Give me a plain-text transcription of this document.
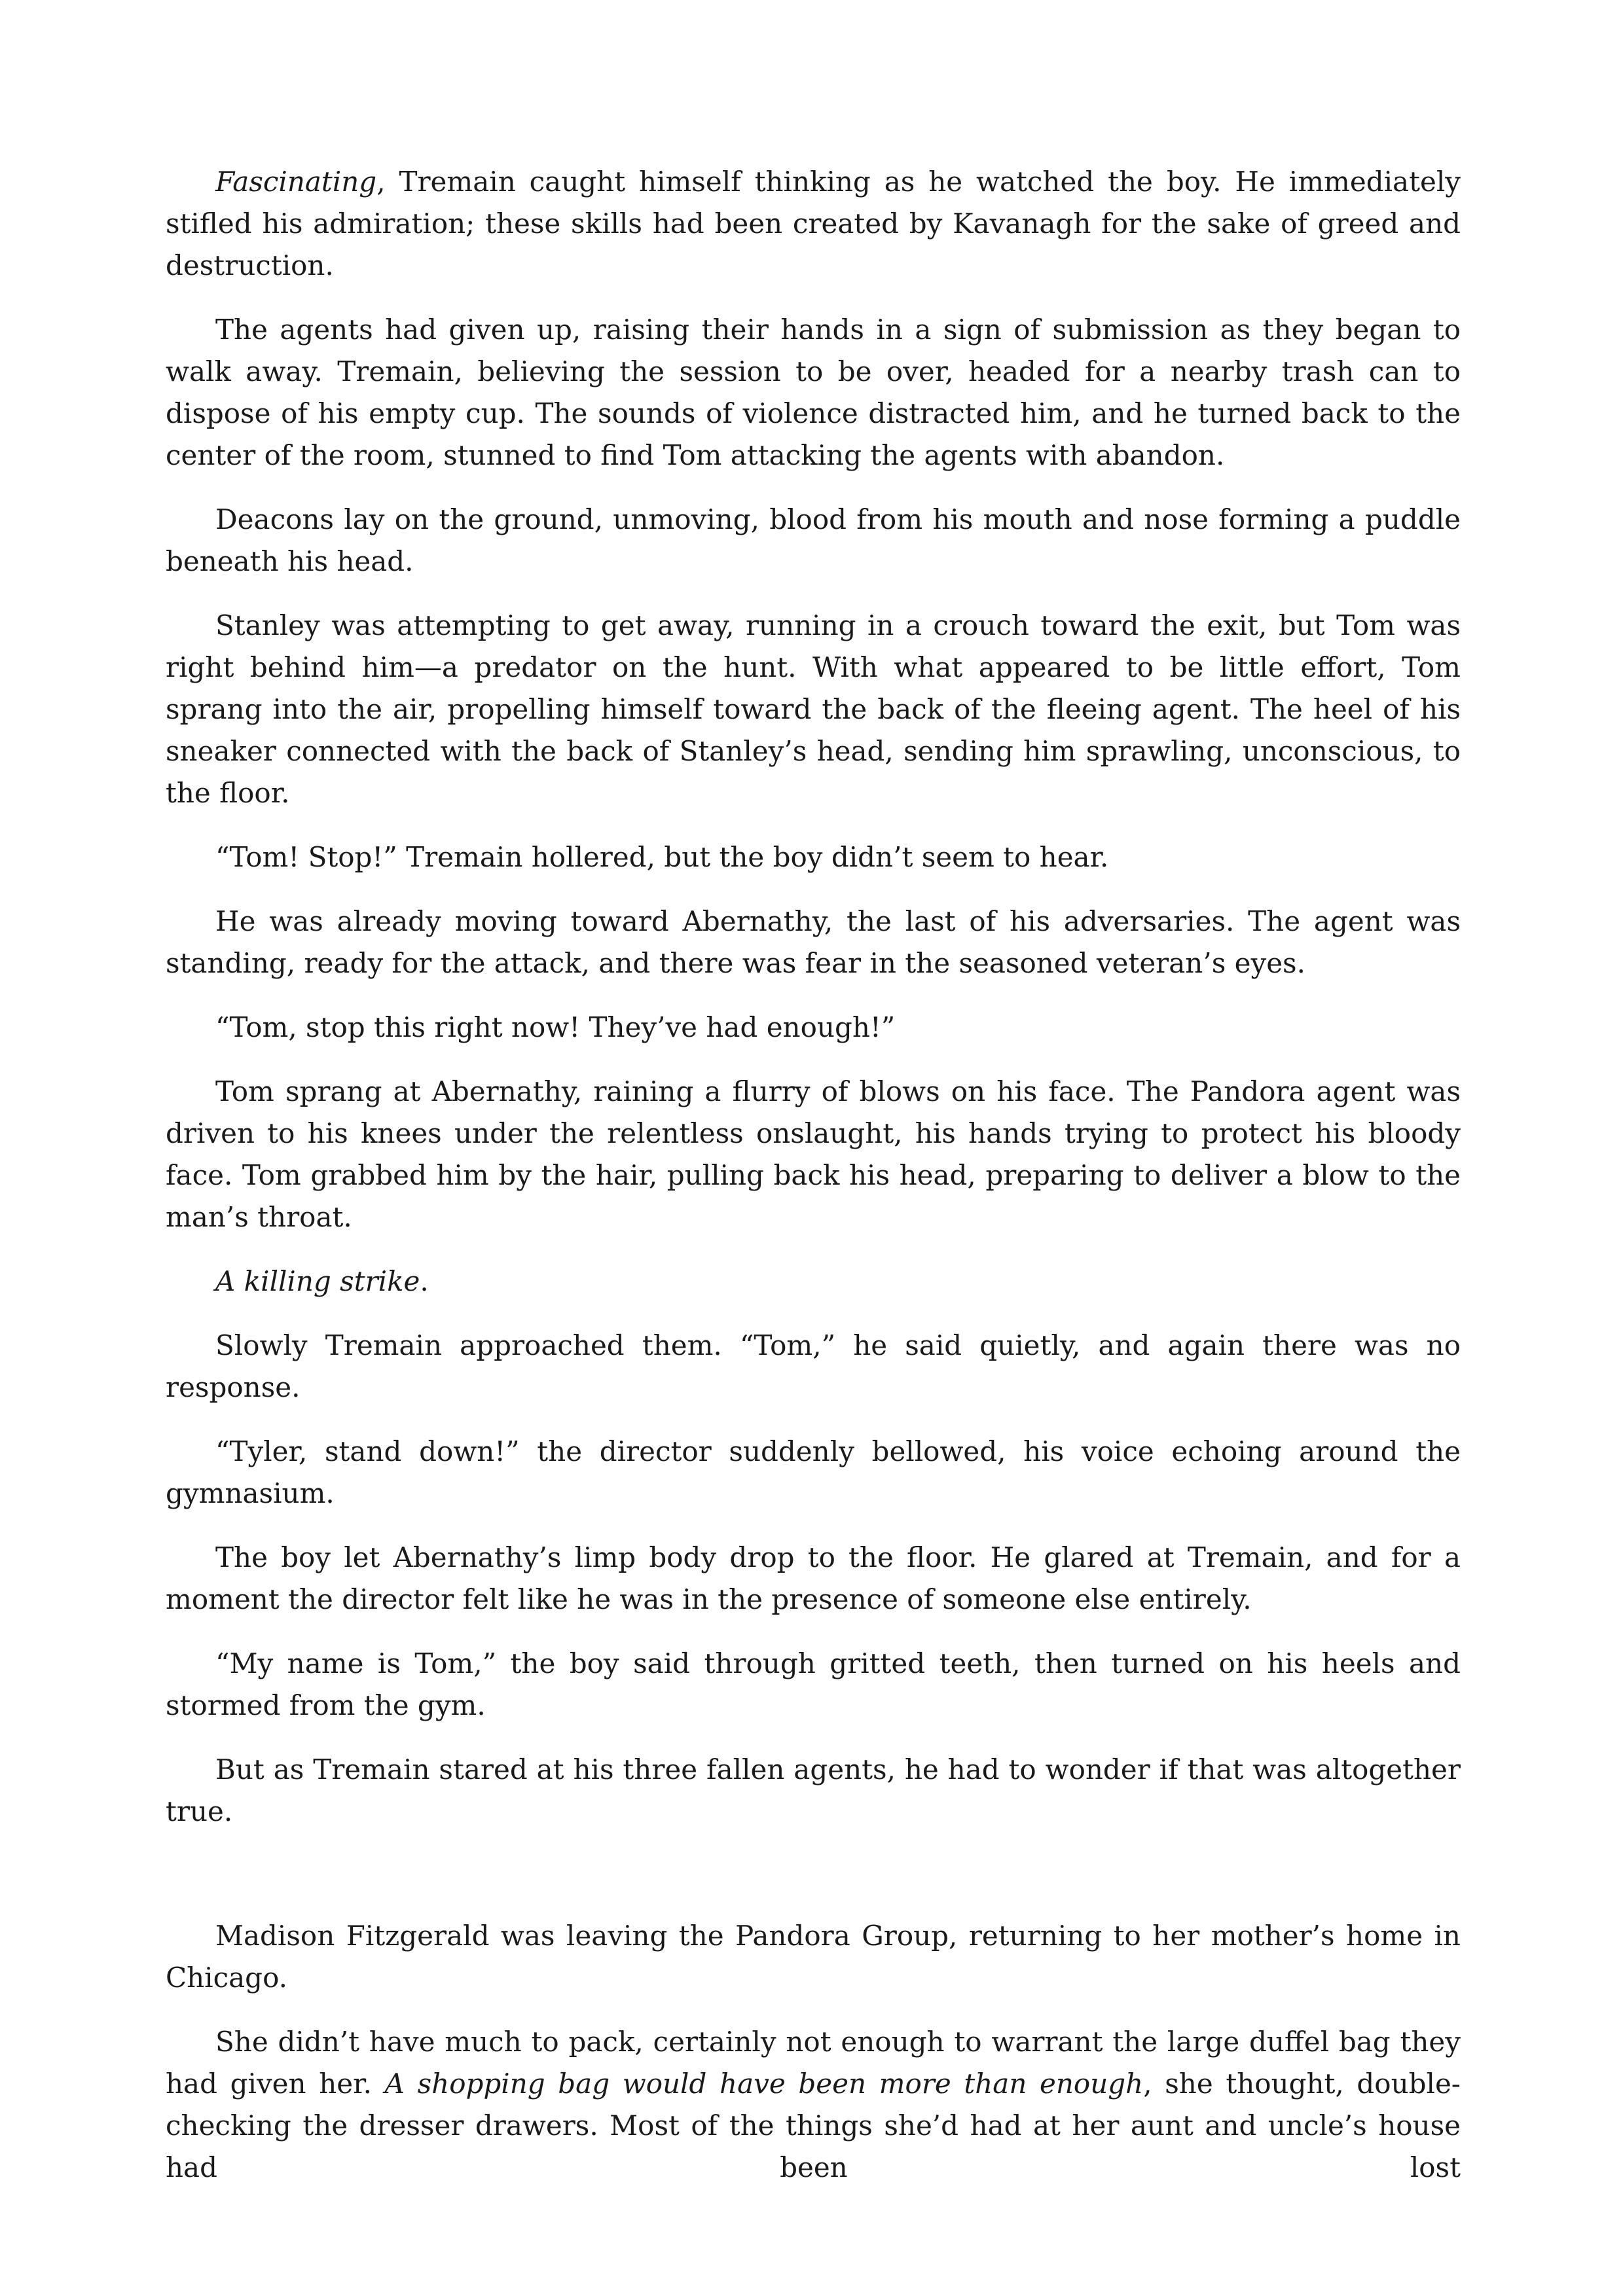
Fascinating, Tremain caught himself thinking as he watched the boy. He immediately stifled his admiration; these skills had been created by Kavanagh for the sake of greed and destruction.

The agents had given up, raising their hands in a sign of submission as they began to walk away. Tremain, believing the session to be over, headed for a nearby trash can to dispose of his empty cup. The sounds of violence distracted him, and he turned back to the center of the room, stunned to find Tom attacking the agents with abandon.

Deacons lay on the ground, unmoving, blood from his mouth and nose forming a puddle beneath his head.

Stanley was attempting to get away, running in a crouch toward the exit, but Tom was right behind him—a predator on the hunt. With what appeared to be little effort, Tom sprang into the air, propelling himself toward the back of the fleeing agent. The heel of his sneaker connected with the back of Stanley’s head, sending him sprawling, unconscious, to the floor.

“Tom! Stop!” Tremain hollered, but the boy didn’t seem to hear.

He was already moving toward Abernathy, the last of his adversaries. The agent was standing, ready for the attack, and there was fear in the seasoned veteran’s eyes.

“Tom, stop this right now! They’ve had enough!”

Tom sprang at Abernathy, raining a flurry of blows on his face. The Pandora agent was driven to his knees under the relentless onslaught, his hands trying to protect his bloody face. Tom grabbed him by the hair, pulling back his head, preparing to deliver a blow to the man’s throat.

A killing strike.

Slowly Tremain approached them. “Tom,” he said quietly, and again there was no response.

“Tyler, stand down!” the director suddenly bellowed, his voice echoing around the gymnasium.

The boy let Abernathy’s limp body drop to the floor. He glared at Tremain, and for a moment the director felt like he was in the presence of someone else entirely.

“My name is Tom,” the boy said through gritted teeth, then turned on his heels and stormed from the gym.

But as Tremain stared at his three fallen agents, he had to wonder if that was altogether true.

Madison Fitzgerald was leaving the Pandora Group, returning to her mother’s home in Chicago.

She didn’t have much to pack, certainly not enough to warrant the large duffel bag they had given her. A shopping bag would have been more than enough, she thought, double-checking the dresser drawers. Most of the things she’d had at her aunt and uncle’s house had been lost
